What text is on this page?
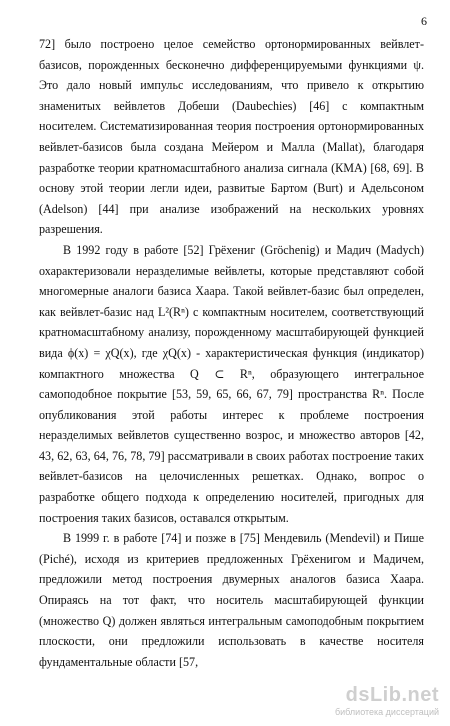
6

72] было построено целое семейство ортонормированных вейвлет-базисов, порожденных бесконечно дифференцируемыми функциями ψ. Это дало новый импульс исследованиям, что привело к открытию знаменитых вейвлетов Добеши (Daubechies) [46] с компактным носителем. Систематизированная теория построения ортонормированных вейвлет-базисов была создана Мейером и Малла (Mallat), благодаря разработке теории кратномасштабного анализа сигнала (КМА) [68, 69]. В основу этой теории легли идеи, развитые Бартом (Burt) и Адельсоном (Adelson) [44] при анализе изображений на нескольких уровнях разрешения.

В 1992 году в работе [52] Грёхениг (Gröchenig) и Мадич (Madych) охарактеризовали неразделимые вейвлеты, которые представляют собой многомерные аналоги базиса Хаара. Такой вейвлет-базис был определен, как вейвлет-базис над L²(Rⁿ) с компактным носителем, соответствующий кратномасштабному анализу, порожденному масштабирующей функцией вида ϕ(x) = χQ(x), где χQ(x) - характеристическая функция (индикатор) компактного множества Q ⊂ Rⁿ, образующего интегральное самоподобное покрытие [53, 59, 65, 66, 67, 79] пространства Rⁿ. После опубликования этой работы интерес к проблеме построения неразделимых вейвлетов существенно возрос, и множество авторов [42, 43, 62, 63, 64, 76, 78, 79] рассматривали в своих работах построение таких вейвлет-базисов на целочисленных решетках. Однако, вопрос о разработке общего подхода к определению носителей, пригодных для построения таких базисов, оставался открытым.

В 1999 г. в работе [74] и позже в [75] Мендевиль (Mendevil) и Пише (Piché), исходя из критериев предложенных Грёхенигом и Мадичем, предложили метод построения двумерных аналогов базиса Хаара. Опираясь на тот факт, что носитель масштабирующей функции (множество Q) должен являться интегральным самоподобным покрытием плоскости, они предложили использовать в качестве носителя фундаментальные области [57,

dsLib.net
библиотека диссертаций
